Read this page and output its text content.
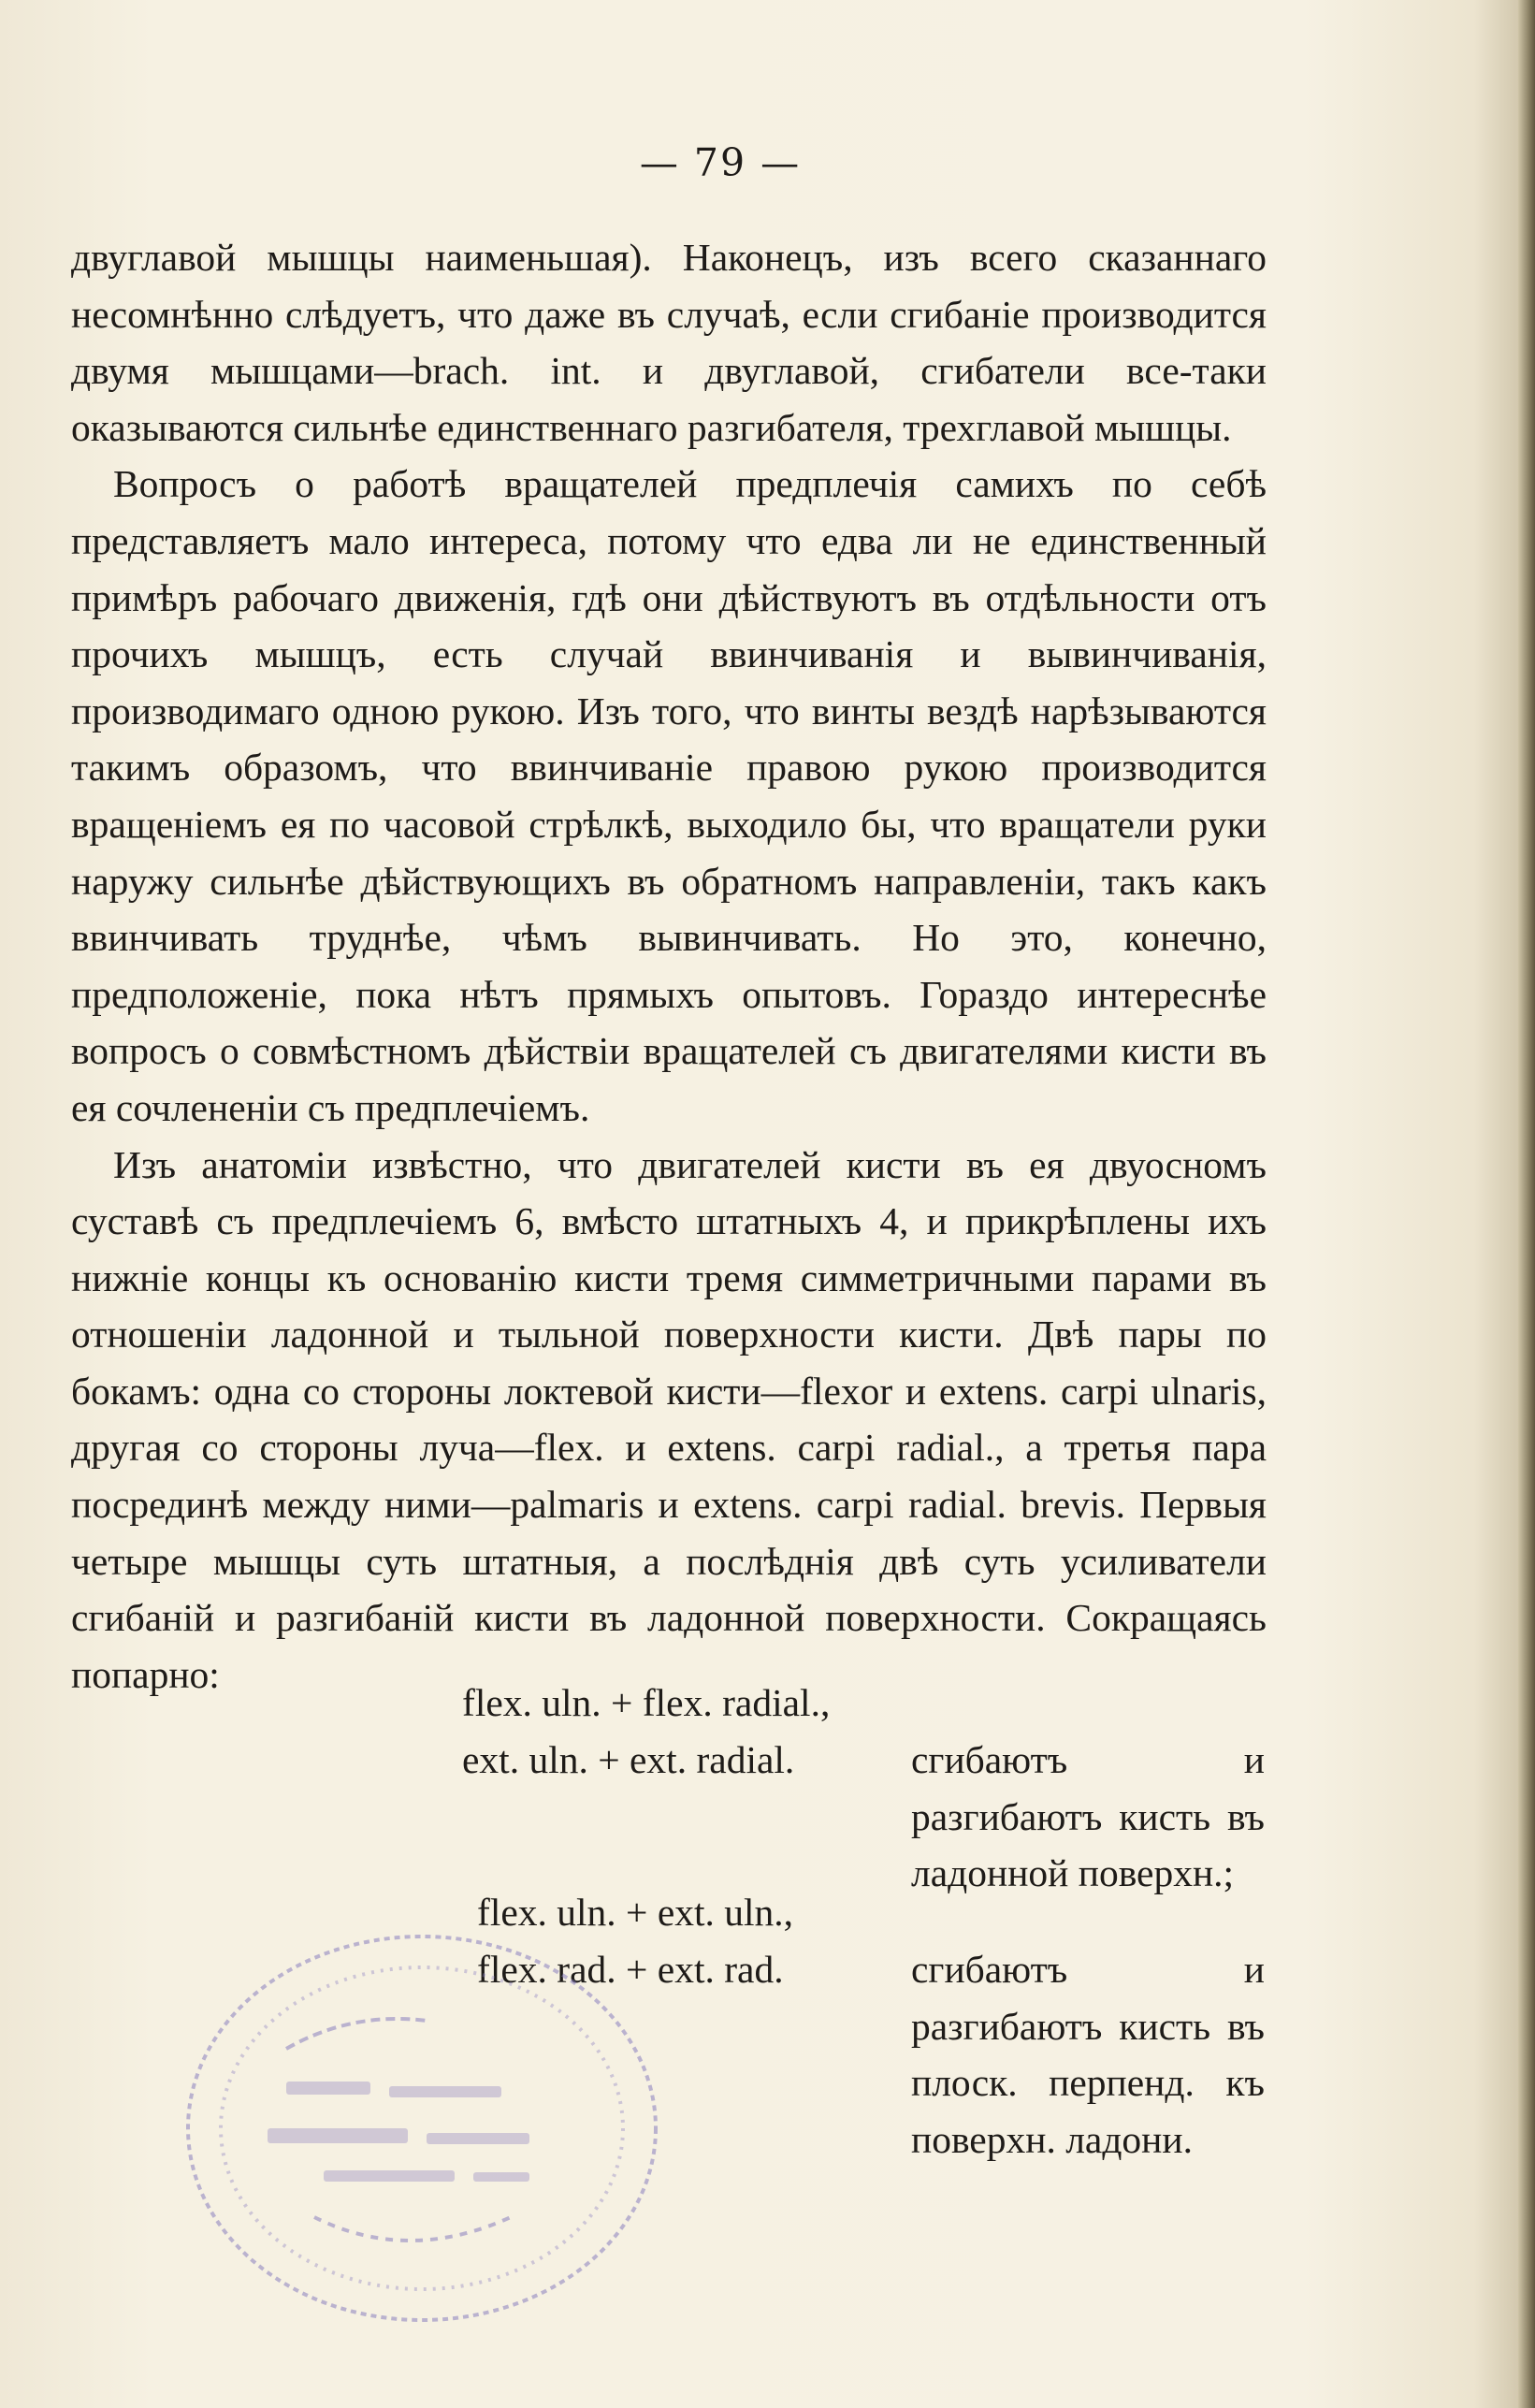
— 79 —

двуглавой мышцы наименьшая). Наконецъ, изъ всего сказаннаго несомнѣнно слѣдуетъ, что даже въ случаѣ, если сгибаніе производится двумя мышцами—brach. int. и двуглавой, сгибатели все-таки оказываются сильнѣе единственнаго разгибателя, трехглавой мышцы.

Вопросъ о работѣ вращателей предплечія самихъ по себѣ представляетъ мало интереса, потому что едва ли не единственный примѣръ рабочаго движенія, гдѣ они дѣйствуютъ въ отдѣльности отъ прочихъ мышцъ, есть случай ввинчиванія и вывинчиванія, производимаго одною рукою. Изъ того, что винты вездѣ нарѣзываются такимъ образомъ, что ввинчиваніе правою рукою производится вращеніемъ ея по часовой стрѣлкѣ, выходило бы, что вращатели руки наружу сильнѣе дѣйствующихъ въ обратномъ направленіи, такъ какъ ввинчивать труднѣе, чѣмъ вывинчивать. Но это, конечно, предположеніе, пока нѣтъ прямыхъ опытовъ. Гораздо интереснѣе вопросъ о совмѣстномъ дѣйствіи вращателей съ двигателями кисти въ ея сочлененіи съ предплечіемъ.

Изъ анатоміи извѣстно, что двигателей кисти въ ея двуосномъ суставѣ съ предплечіемъ 6, вмѣсто штатныхъ 4, и прикрѣплены ихъ нижніе концы къ основанію кисти тремя симметричными парами въ отношеніи ладонной и тыльной поверхности кисти. Двѣ пары по бокамъ: одна со стороны локтевой кисти—flexor и extens. carpi ulnaris, другая со стороны луча—flex. и extens. carpi radial., а третья пара посрединѣ между ними—palmaris и extens. carpi radial. brevis. Первыя четыре мышцы суть штатныя, а послѣднія двѣ суть усиливатели сгибаній и разгибаній кисти въ ладонной поверхности. Сокращаясь попарно:

flex. uln. + flex. radial.,
ext. uln. + ext. radial.	сгибаютъ и разгибаютъ кисть въ ладонной поверхн.;
flex. uln. + ext. uln.,
flex. rad. + ext. rad.	сгибаютъ и разгибаютъ кисть въ плоск. перпенд. къ поверхн. ладони.
